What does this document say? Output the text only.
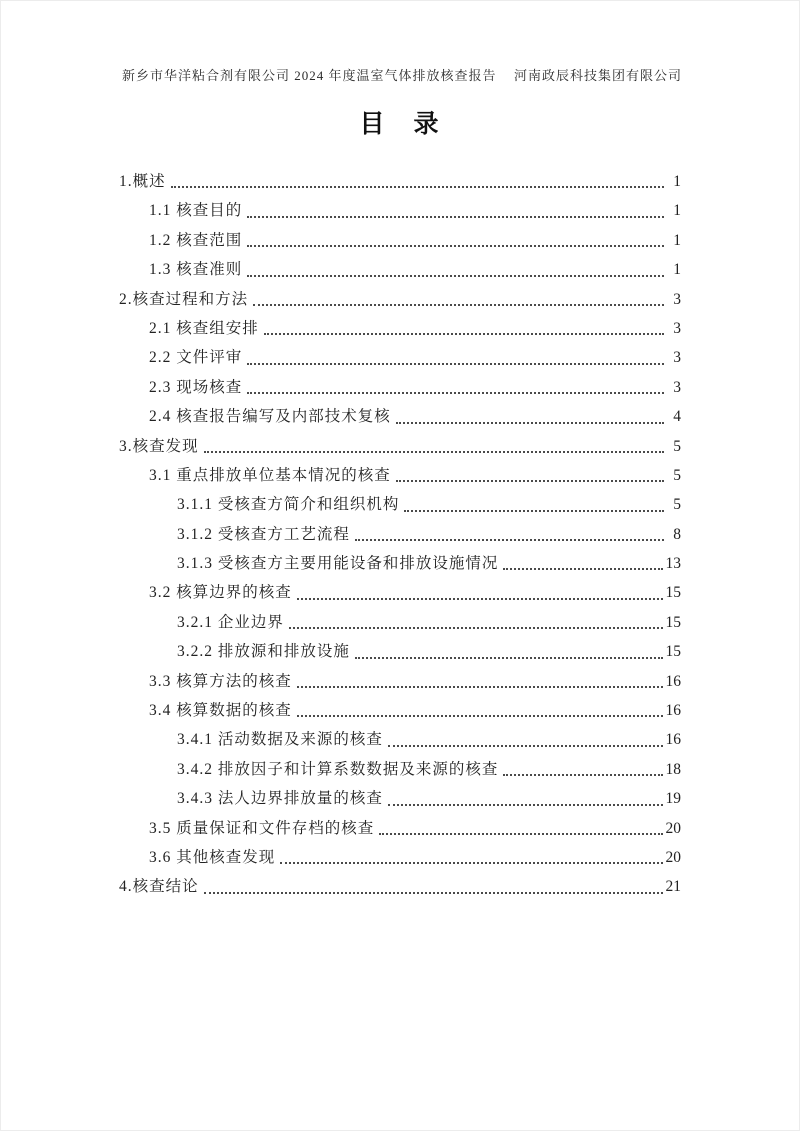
新乡市华洋粘合剂有限公司 2024 年度温室气体排放核查报告 河南政辰科技集团有限公司
目　录
1.概述	1
1.1 核查目的	1
1.2 核查范围	1
1.3 核查准则	1
2.核查过程和方法	3
2.1 核查组安排	3
2.2 文件评审	3
2.3 现场核查	3
2.4 核查报告编写及内部技术复核	4
3.核查发现	5
3.1 重点排放单位基本情况的核查	5
3.1.1 受核查方简介和组织机构	5
3.1.2 受核查方工艺流程	8
3.1.3 受核查方主要用能设备和排放设施情况	13
3.2 核算边界的核查	15
3.2.1 企业边界	15
3.2.2 排放源和排放设施	15
3.3 核算方法的核查	16
3.4 核算数据的核查	16
3.4.1 活动数据及来源的核查	16
3.4.2 排放因子和计算系数数据及来源的核查	18
3.4.3 法人边界排放量的核查	19
3.5 质量保证和文件存档的核查	20
3.6 其他核查发现	20
4.核查结论	21
